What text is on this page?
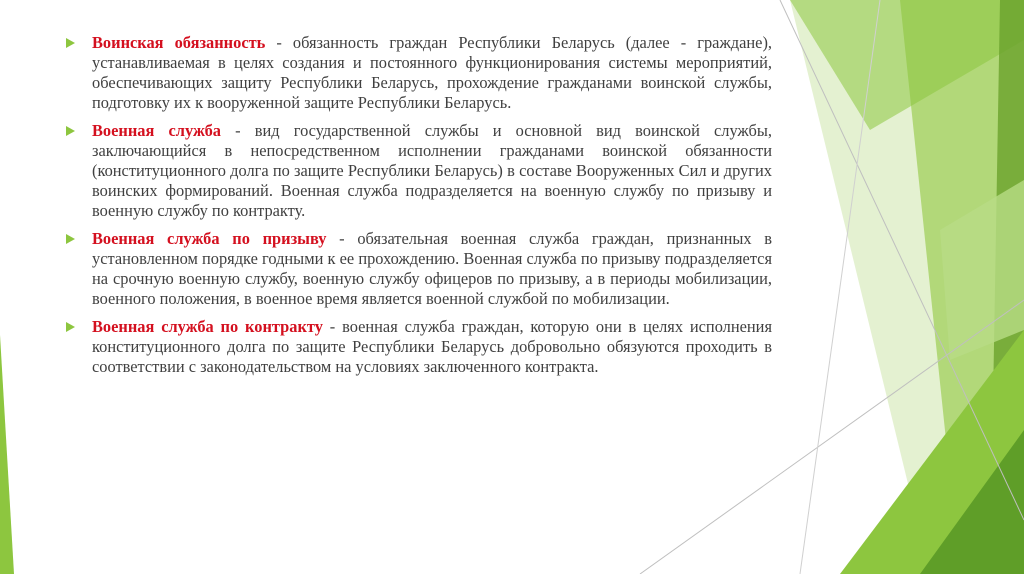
Воинская обязанность - обязанность граждан Республики Беларусь (далее - граждане), устанавливаемая в целях создания и постоянного функционирования системы мероприятий, обеспечивающих защиту Республики Беларусь, прохождение гражданами воинской службы, подготовку их к вооруженной защите Республики Беларусь.
Военная служба - вид государственной службы и основной вид воинской службы, заключающийся в непосредственном исполнении гражданами воинской обязанности (конституционного долга по защите Республики Беларусь) в составе Вооруженных Сил и других воинских формирований. Военная служба подразделяется на военную службу по призыву и военную службу по контракту.
Военная служба по призыву - обязательная военная служба граждан, признанных в установленном порядке годными к ее прохождению. Военная служба по призыву подразделяется на срочную военную службу, военную службу офицеров по призыву, а в периоды мобилизации, военного положения, в военное время является военной службой по мобилизации.
Военная служба по контракту - военная служба граждан, которую они в целях исполнения конституционного долга по защите Республики Беларусь добровольно обязуются проходить в соответствии с законодательством на условиях заключенного контракта.
